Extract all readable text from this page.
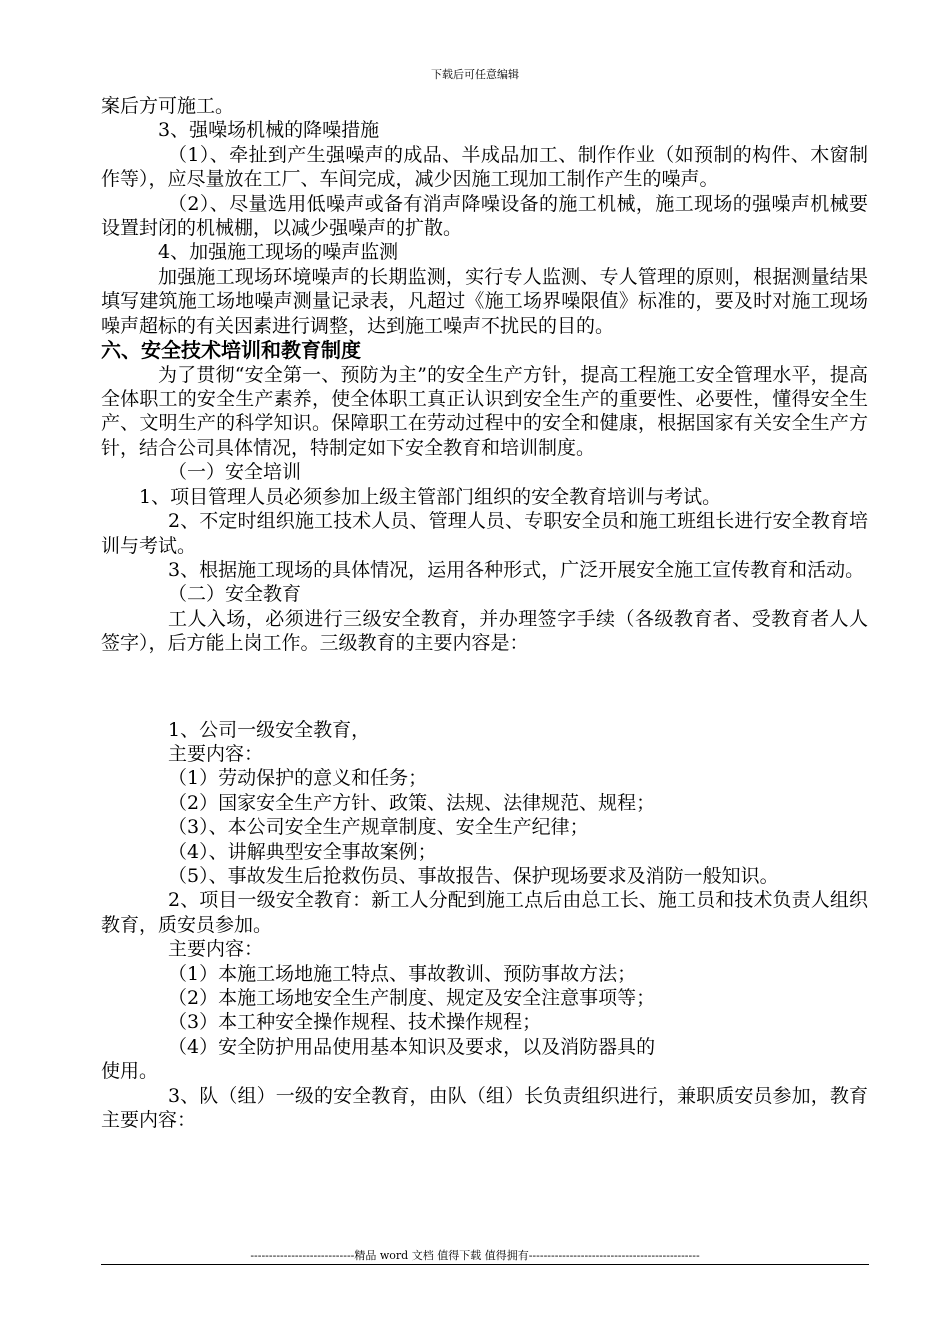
下载后可任意编辑

案后方可施工。

3、强噪场机械的降噪措施

（1）、牵扯到产生强噪声的成品、半成品加工、制作作业（如预制的构件、木窗制作等），应尽量放在工厂、车间完成，减少因施工现加工制作产生的噪声。

（2）、尽量选用低噪声或备有消声降噪设备的施工机械，施工现场的强噪声机械要设置封闭的机械棚，以减少强噪声的扩散。

4、加强施工现场的噪声监测

加强施工现场环境噪声的长期监测，实行专人监测、专人管理的原则，根据测量结果填写建筑施工场地噪声测量记录表，凡超过《施工场界噪限值》标准的，要及时对施工现场噪声超标的有关因素进行调整，达到施工噪声不扰民的目的。

六、安全技术培训和教育制度

为了贯彻“安全第一、预防为主”的安全生产方针，提高工程施工安全管理水平，提高全体职工的安全生产素养，使全体职工真正认识到安全生产的重要性、必要性，懂得安全生产、文明生产的科学知识。保障职工在劳动过程中的安全和健康，根据国家有关安全生产方针，结合公司具体情况，特制定如下安全教育和培训制度。

（一）安全培训

1、项目管理人员必须参加上级主管部门组织的安全教育培训与考试。

2、不定时组织施工技术人员、管理人员、专职安全员和施工班组长进行安全教育培训与考试。

3、根据施工现场的具体情况，运用各种形式，广泛开展安全施工宣传教育和活动。

（二）安全教育

工人入场，必须进行三级安全教育，并办理签字手续（各级教育者、受教育者人人签字），后方能上岗工作。三级教育的主要内容是：

1、公司一级安全教育，

主要内容：

（1）劳动保护的意义和任务；

（2）国家安全生产方针、政策、法规、法律规范、规程；

（3）、本公司安全生产规章制度、安全生产纪律；

（4）、讲解典型安全事故案例；

（5）、事故发生后抢救伤员、事故报告、保护现场要求及消防一般知识。

2、项目一级安全教育：新工人分配到施工点后由总工长、施工员和技术负责人组织教育，质安员参加。

主要内容：

（1）本施工场地施工特点、事故教训、预防事故方法；

（2）本施工场地安全生产制度、规定及安全注意事项等；

（3）本工种安全操作规程、技术操作规程；

（4）安全防护用品使用基本知识及要求，以及消防器具的

使用。

3、队（组）一级的安全教育，由队（组）长负责组织进行，兼职质安员参加，教育主要内容：

----------------------------精品 word 文档 值得下载 值得拥有----------------------------------------------
